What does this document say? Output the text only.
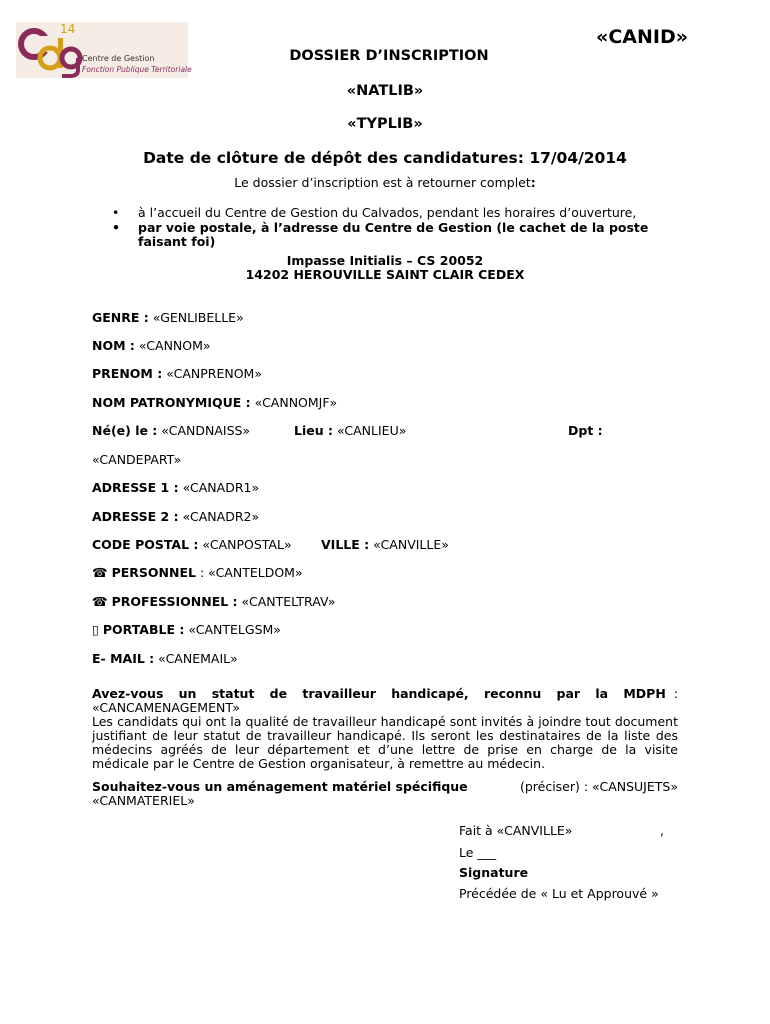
14
Centre de Gestion
Fonction Publique Territoriale
«CANID»
DOSSIER D’INSCRIPTION
«NATLIB»
«TYPLIB»
Date de clôture de dépôt des candidatures: 17/04/2014
Le dossier d’inscription est à retourner complet:
• à l’accueil du Centre de Gestion du Calvados, pendant les horaires d’ouverture,
• par voie postale, à l’adresse du Centre de Gestion (le cachet de la poste faisant foi)
Impasse Initialis – CS 20052
14202 HEROUVILLE SAINT CLAIR CEDEX
GENRE : «GENLIBELLE»
NOM : «CANNOM»
PRENOM : «CANPRENOM»
NOM PATRONYMIQUE : «CANNOMJF»
Né(e) le : «CANDNAISS»	Lieu : «CANLIEU»	Dpt :
«CANDEPART»
ADRESSE 1 : «CANADR1»
ADRESSE 2 : «CANADR2»
CODE POSTAL : «CANPOSTAL» VILLE : «CANVILLE»
☎ PERSONNEL : «CANTELDOM»
☎ PROFESSIONNEL : «CANTELTRAV»
▯ PORTABLE : «CANTELGSM»
E- MAIL : «CANEMAIL»
Avez-vous un statut de travailleur handicapé, reconnu par la MDPH :
«CANCAMENAGEMENT»
Les candidats qui ont la qualité de travailleur handicapé sont invités à joindre tout document justifiant de leur statut de travailleur handicapé. Ils seront les destinataires de la liste des médecins agréés de leur département et d’une lettre de prise en charge de la visite médicale par le Centre de Gestion organisateur, à remettre au médecin.
Souhaitez-vous un aménagement matériel spécifique	(préciser) : «CANSUJETS»
«CANMATERIEL»
Fait à «CANVILLE»	,
Le ___
Signature
Précédée de « Lu et Approuvé »
